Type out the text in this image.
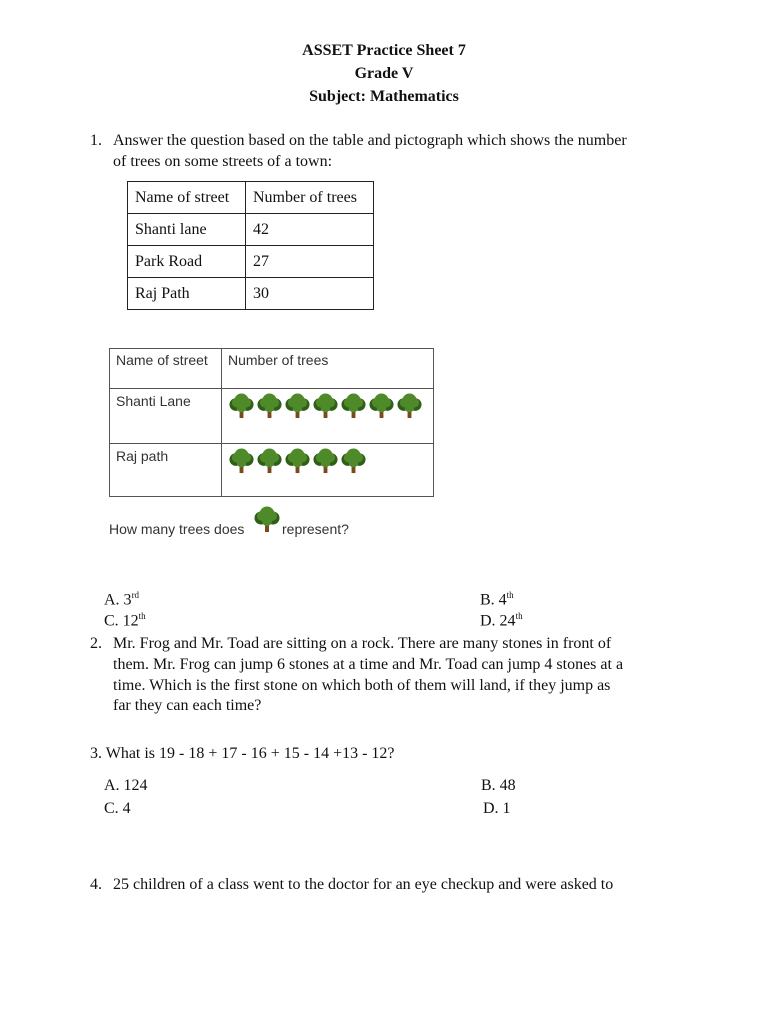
ASSET Practice Sheet 7
Grade V
Subject: Mathematics
1. Answer the question based on the table and pictograph which shows the number
of trees on some streets of a town:
Name of street	Number of trees
Shanti lane	42
Park Road	27
Raj Path	30
Name of street	Number of trees
Shanti Lane	

Raj path	
How many trees does	represent?
A. 3rd	B. 4th
C. 12th	D. 24th
2. Mr. Frog and Mr. Toad are sitting on a rock. There are many stones in front of
them. Mr. Frog can jump 6 stones at a time and Mr. Toad can jump 4 stones at a
time. Which is the first stone on which both of them will land, if they jump as
far they can each time?
3. What is 19 - 18 + 17 - 16 + 15 - 14 +13 - 12?
A. 124	B. 48
C. 4	D. 1
4. 25 children of a class went to the doctor for an eye checkup and were asked to
